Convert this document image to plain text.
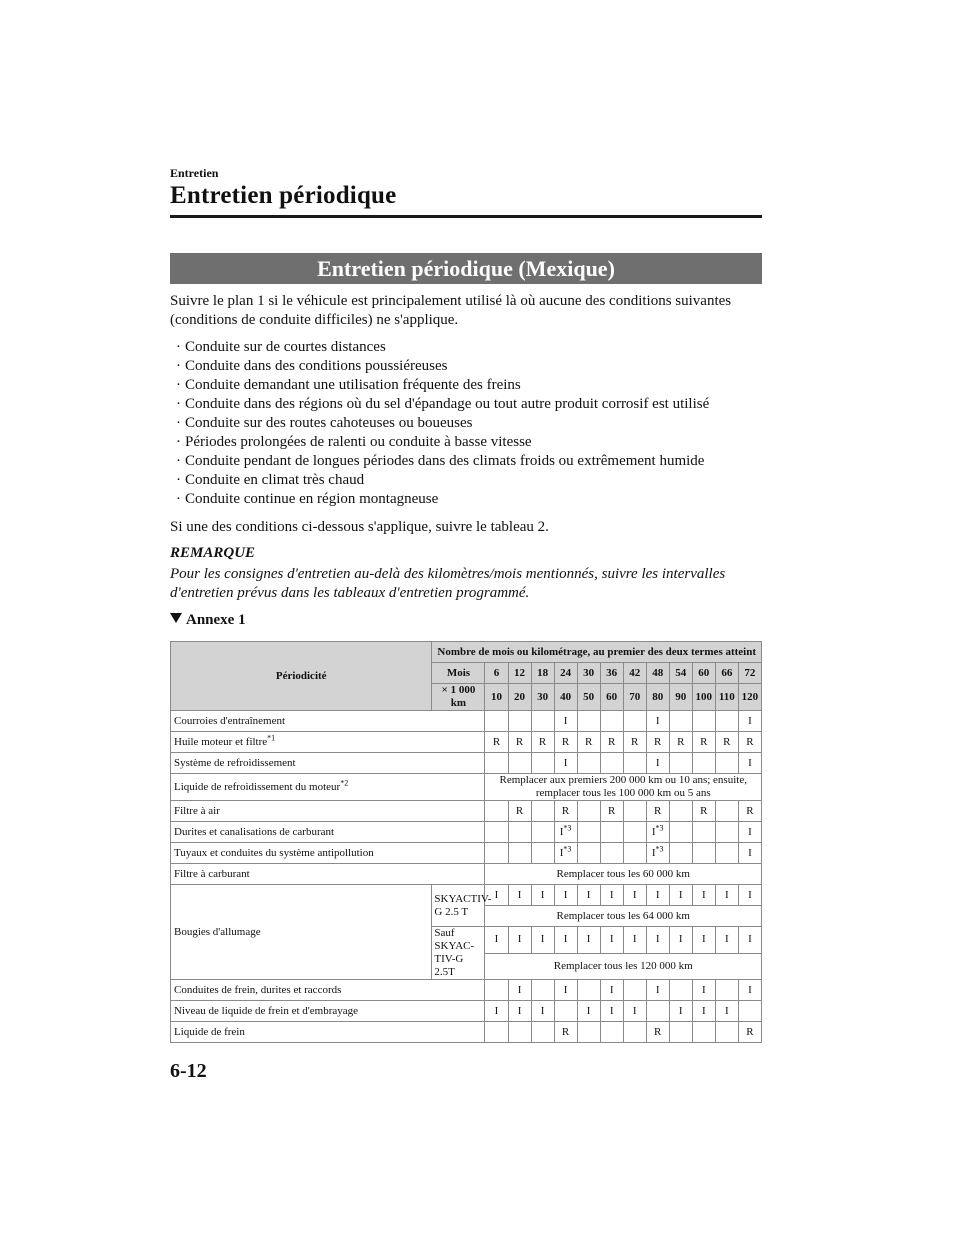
Entretien
Entretien périodique
Entretien périodique (Mexique)

Suivre le plan 1 si le véhicule est principalement utilisé là où aucune des conditions suivantes (conditions de conduite difficiles) ne s'applique.

· Conduite sur de courtes distances
· Conduite dans des conditions poussiéreuses
· Conduite demandant une utilisation fréquente des freins
· Conduite dans des régions où du sel d'épandage ou tout autre produit corrosif est utilisé
· Conduite sur des routes cahoteuses ou boueuses
· Périodes prolongées de ralenti ou conduite à basse vitesse
· Conduite pendant de longues périodes dans des climats froids ou extrêmement humide
· Conduite en climat très chaud
· Conduite continue en région montagneuse

Si une des conditions ci-dessous s'applique, suivre le tableau 2.

REMARQUE

Pour les consignes d'entretien au-delà des kilomètres/mois mentionnés, suivre les intervalles d'entretien prévus dans les tableaux d'entretien programmé.

Annexe 1
Périodicité	Nombre de mois ou kilométrage, au premier des deux termes atteint												
	Mois	6	12	18	24	30	36	42	48	54	60	66	72
	× 1 000 km	10	20	30	40	50	60	70	80	90	100	110	120
Courroies d'entraînement					I				I				I
Huile moteur et filtre$^{*1}$		R	R	R	R	R	R	R	R	R	R	R	R
Système de refroidissement					I				I				I
Liquide de refroidissement du moteur$^{*2}$		Remplacer aux premiers 200 000 km ou 10 ans; ensuite, remplacer tous les 100 000 km ou 5 ans											
Filtre à air			R		R		R		R		R		R
Durites et canalisations de carburant					$I^{*3}$				$I^{*3}$				I
Tuyaux et conduites du système antipollution					$I^{*3}$				$I^{*3}$				I
Filtre à carburant		Remplacer tous les 60 000 km											
Bougies d'allumage	SKYACTIV-G 2.5 T	I	I	I	I	I	I	I	I	I	I	I	I
		Remplacer tous les 64 000 km											
	Sauf SKYAC-TIV-G 2.5T	I	I	I	I	I	I	I	I	I	I	I	I
		Remplacer tous les 120 000 km											
Conduites de frein, durites et raccords			I		I		I		I		I		I
Niveau de liquide de frein et d'embrayage		I	I	I		I	I	I		I	I	I	
Liquide de frein					R				R				R
6-12
